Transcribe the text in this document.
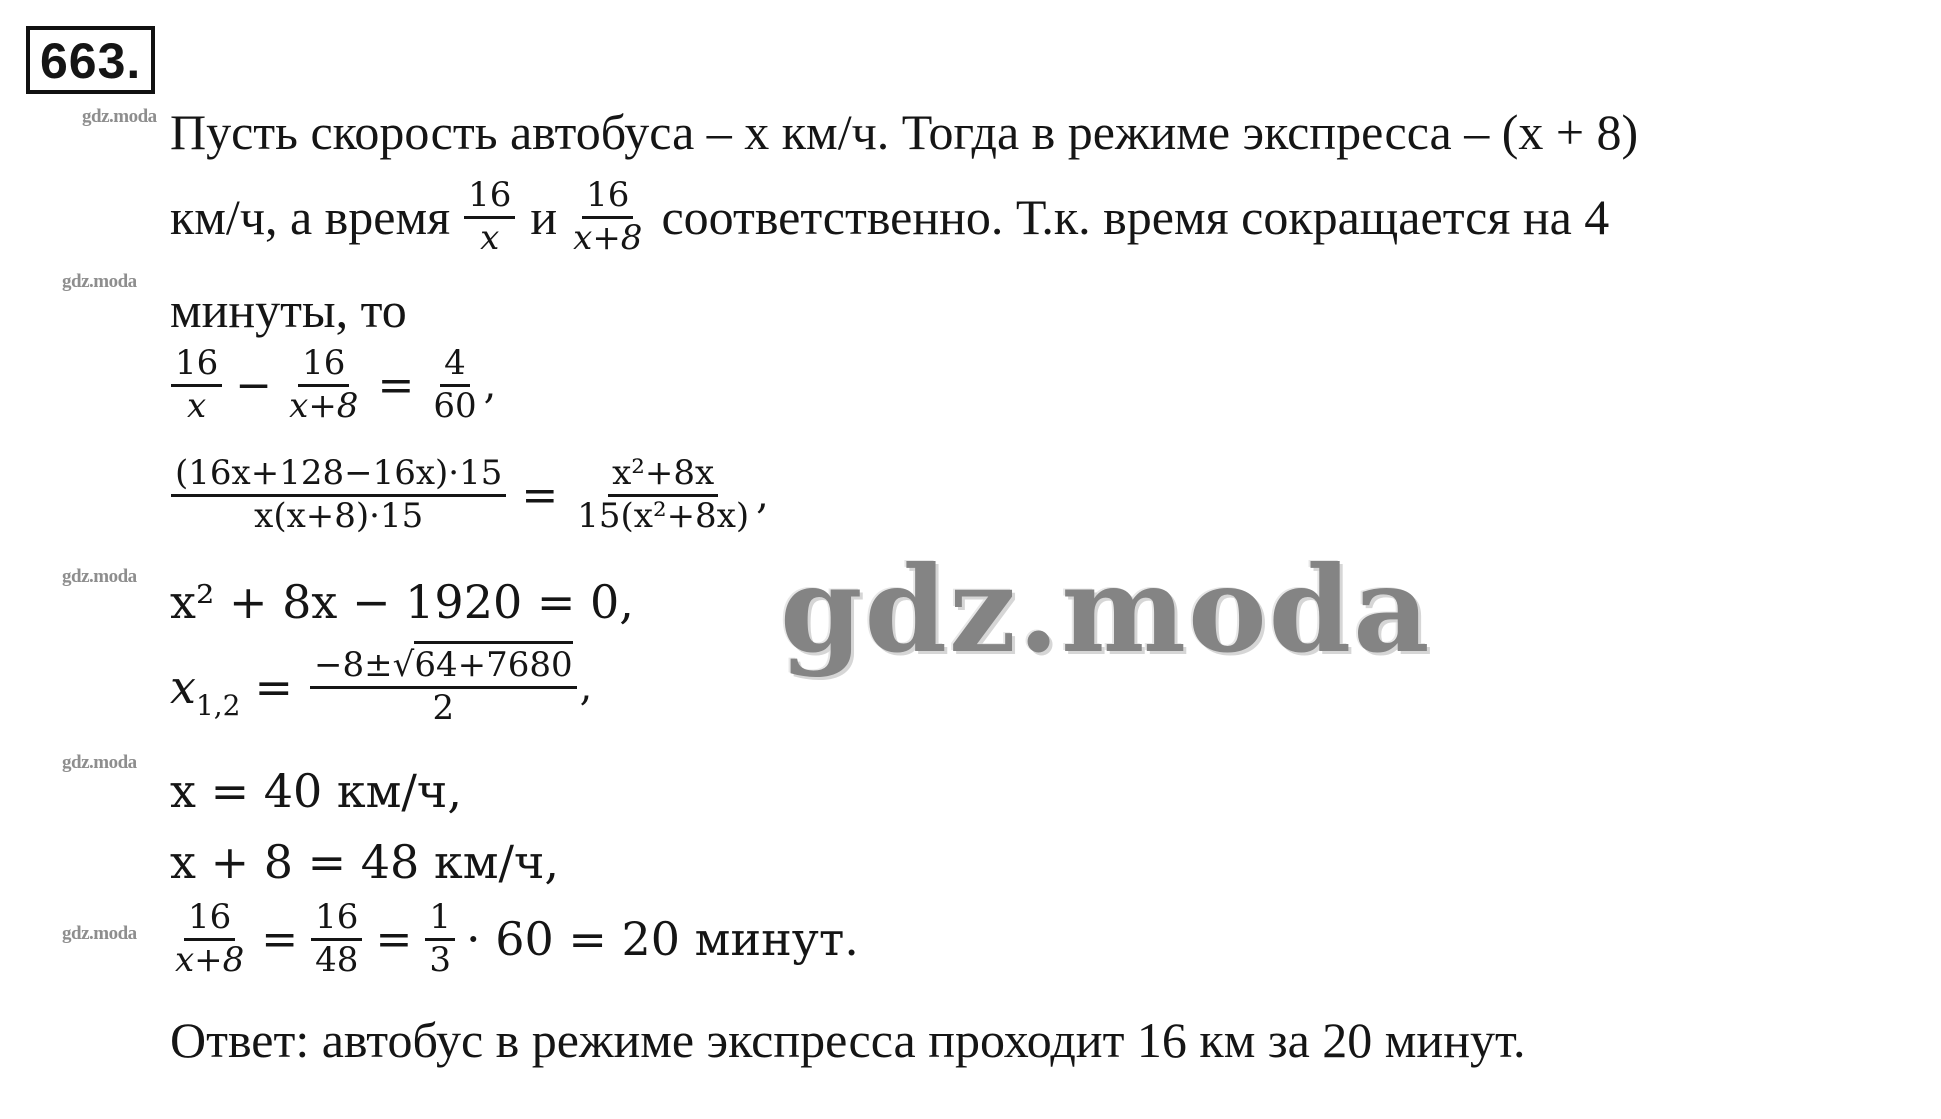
663.
gdz.moda
gdz.moda
gdz.moda
gdz.moda
gdz.moda
Пусть скорость автобуса – x км/ч. Тогда в режиме экспресса – (x + 8)
км/ч, а время $\frac{16}{x}$ и $\frac{16}{x+8}$ соответственно. Т.к. время сокращается на 4
минуты, то
$\frac{16}{x} - \frac{16}{x+8} = \frac{4}{60}$ ,
$\frac{(16x+128-16x)\cdot 15}{x(x+8)\cdot 15} = \frac{\text{x²+8x}}{\text{15(x²+8x)}}$ ,
x² + 8x − 1920 = 0,
x $1,2 = \frac{-8\pm√64+7680}{2}$ ,
x = 40 км/ч,
x + 8 = 48 км/ч,
$\frac{16}{x+8} = \frac{16}{48} = \frac{1}{3} \cdot 60 = 20$ минут.
Ответ: автобус в режиме экспресса проходит 16 км за 20 минут.
gdz.moda
